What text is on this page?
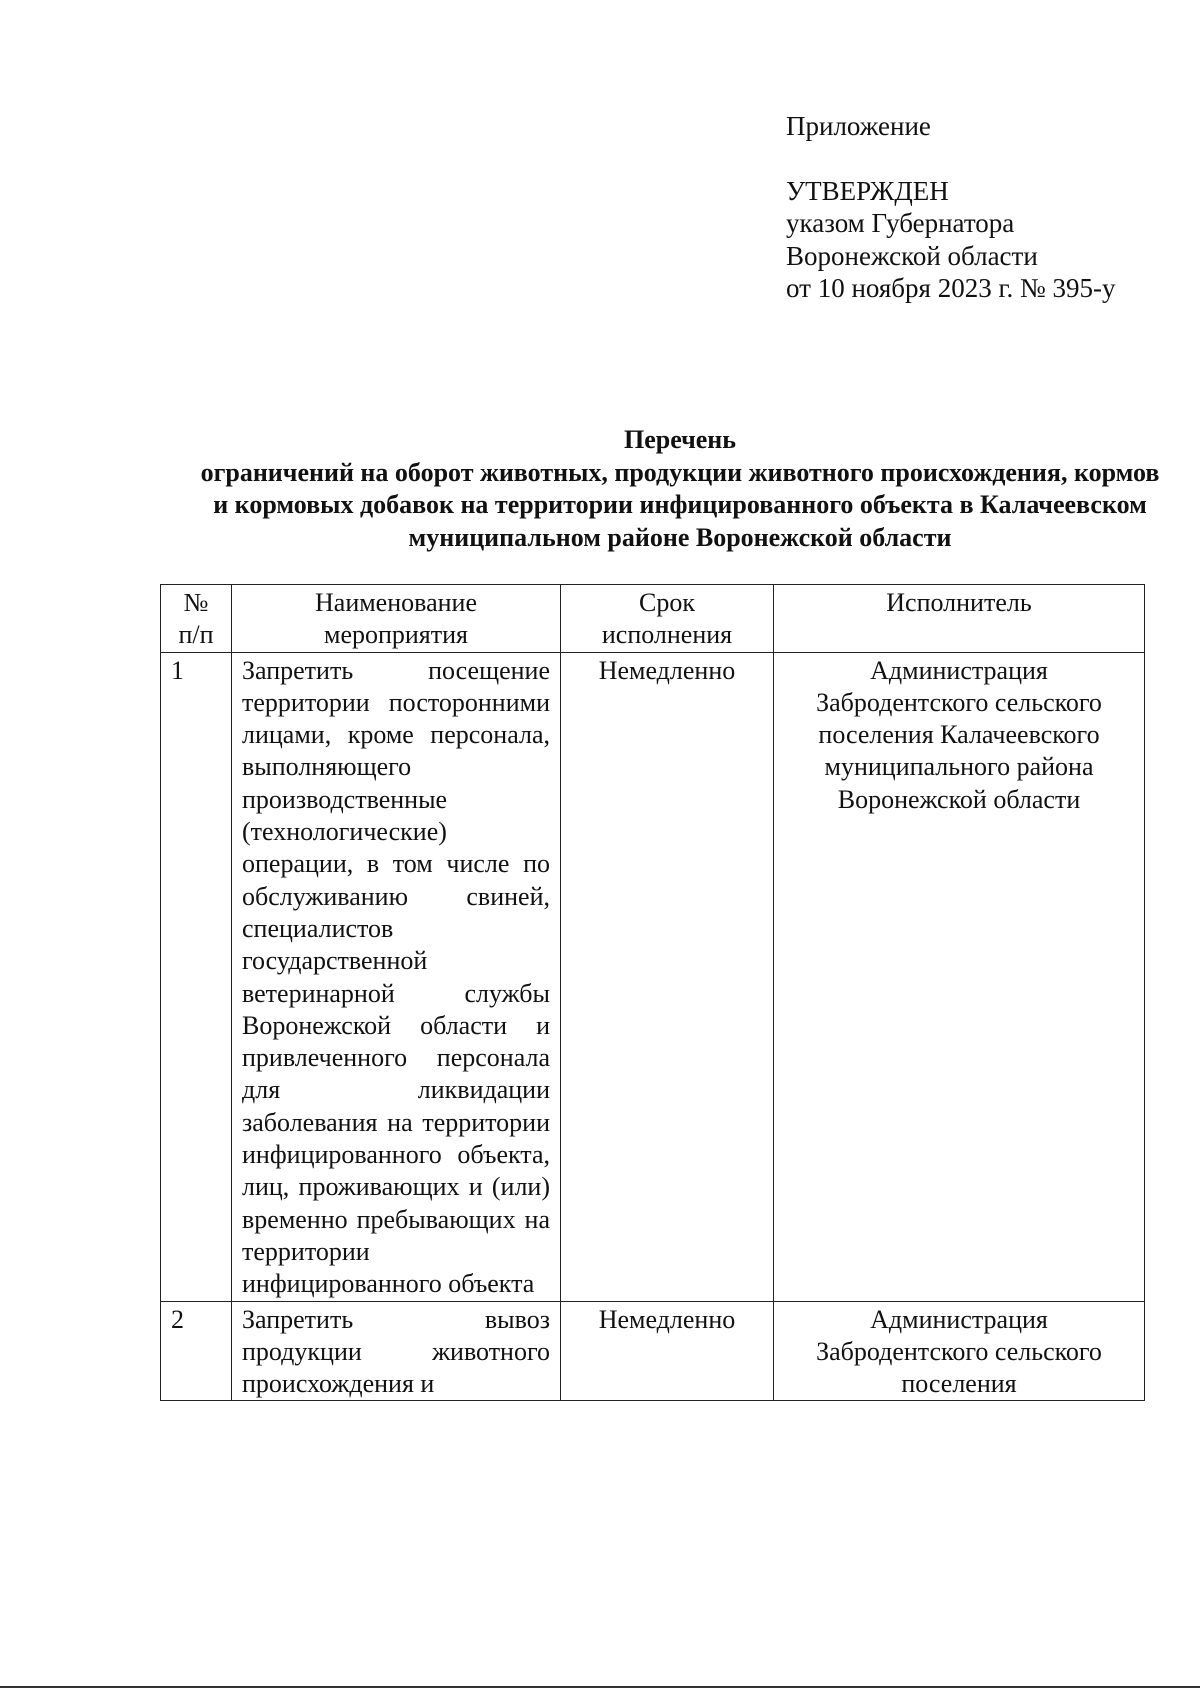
Приложение
УТВЕРЖДЕН
указом Губернатора
Воронежской области
от 10 ноября 2023 г. № 395-у
Перечень
ограничений на оборот животных, продукции животного происхождения, кормов и кормовых добавок на территории инфицированного объекта в Калачеевском муниципальном районе Воронежской области
№ п/п	Наименование мероприятия	Срок исполнения	Исполнитель
1	Запретить посещение территории посторонними лицами, кроме персонала, выполняющего производственные (технологические) операции, в том числе по обслуживанию свиней, специалистов государственной ветеринарной службы Воронежской области и привлеченного персонала для ликвидации заболевания на территории инфицированного объекта, лиц, проживающих и (или) временно пребывающих на территории инфицированного объекта	Немедленно	Администрация Забродентского сельского поселения Калачеевского муниципального района Воронежской области
2	Запретить вывоз продукции животного происхождения и	Немедленно	Администрация Забродентского сельского поселения
